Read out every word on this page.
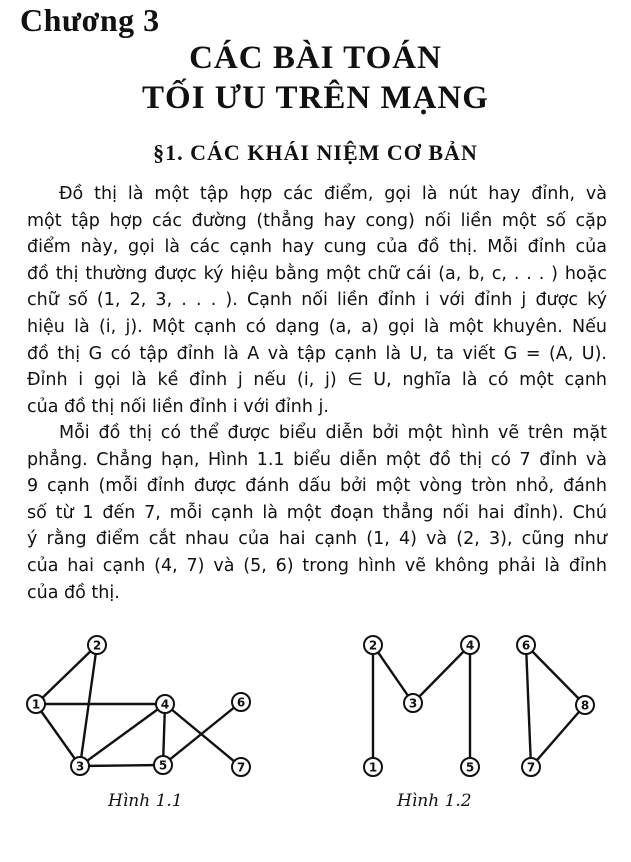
Chương 3
CÁC BÀI TOÁN
TỐI ƯU TRÊN MẠNG
§1. CÁC KHÁI NIỆM CƠ BẢN
Đồ thị là một tập hợp các điểm, gọi là nút hay đỉnh, và
một tập hợp các đường (thẳng hay cong) nối liền một số cặp
điểm này, gọi là các cạnh hay cung của đồ thị. Mỗi đỉnh của
đồ thị thường được ký hiệu bằng một chữ cái (a, b, c, . . . ) hoặc
chữ số (1, 2, 3, . . . ). Cạnh nối liền đỉnh i với đỉnh j được ký
hiệu là (i, j). Một cạnh có dạng (a, a) gọi là một khuyên. Nếu
đồ thị G có tập đỉnh là A và tập cạnh là U, ta viết G = (A, U).
Đỉnh i gọi là kề đỉnh j nếu (i, j) ∈ U, nghĩa là có một cạnh
của đồ thị nối liền đỉnh i với đỉnh j.
Mỗi đồ thị có thể được biểu diễn bởi một hình vẽ trên mặt
phẳng. Chẳng hạn, Hình 1.1 biểu diễn một đồ thị có 7 đỉnh và
9 cạnh (mỗi đỉnh được đánh dấu bởi một vòng tròn nhỏ, đánh
số từ 1 đến 7, mỗi cạnh là một đoạn thẳng nối hai đỉnh). Chú
ý rằng điểm cắt nhau của hai cạnh (1, 4) và (2, 3), cũng như
của hai cạnh (4, 7) và (5, 6) trong hình vẽ không phải là đỉnh
của đồ thị.
1
2
3
4
5
6
7	1
2
3
4
5
6
7
8
Hình 1.1	Hình 1.2
